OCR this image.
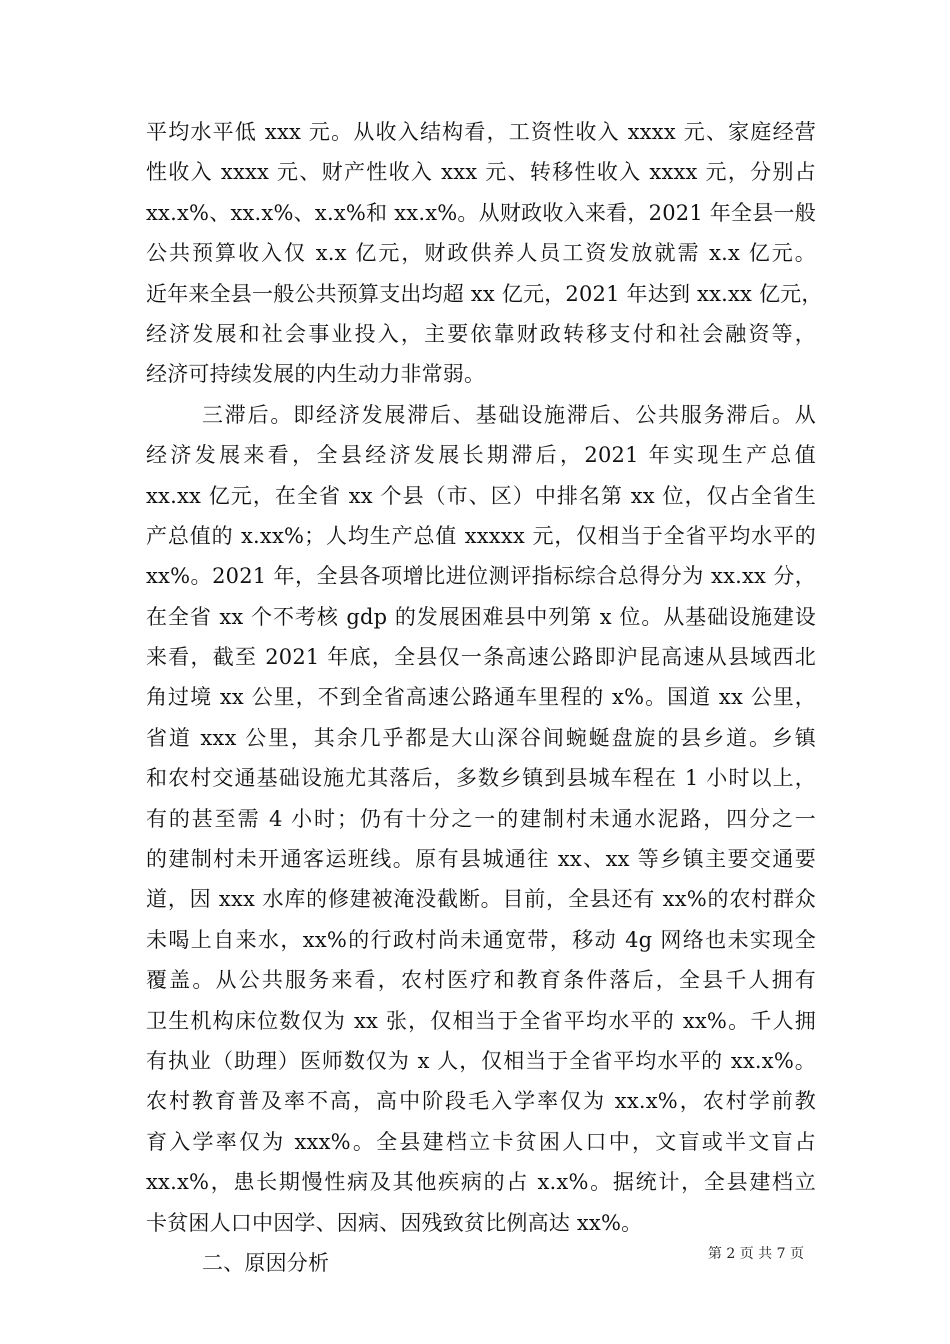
平均水平低 xxx 元。从收入结构看，工资性收入 xxxx 元、家庭经营
性收入 xxxx 元、财产性收入 xxx 元、转移性收入 xxxx 元，分别占
xx.x%、xx.x%、x.x%和 xx.x%。从财政收入来看，2021 年全县一般
公共预算收入仅 x.x 亿元，财政供养人员工资发放就需 x.x 亿元。
近年来全县一般公共预算支出均超 xx 亿元，2021 年达到 xx.xx 亿元，
经济发展和社会事业投入，主要依靠财政转移支付和社会融资等，
经济可持续发展的内生动力非常弱。
三滞后。即经济发展滞后、基础设施滞后、公共服务滞后。从
经济发展来看，全县经济发展长期滞后，2021 年实现生产总值
xx.xx 亿元，在全省 xx 个县（市、区）中排名第 xx 位，仅占全省生
产总值的 x.xx%；人均生产总值 xxxxx 元，仅相当于全省平均水平的
xx%。2021 年，全县各项增比进位测评指标综合总得分为 xx.xx 分，
在全省 xx 个不考核 gdp 的发展困难县中列第 x 位。从基础设施建设
来看，截至 2021 年底，全县仅一条高速公路即沪昆高速从县域西北
角过境 xx 公里，不到全省高速公路通车里程的 x%。国道 xx 公里，
省道 xxx 公里，其余几乎都是大山深谷间蜿蜒盘旋的县乡道。乡镇
和农村交通基础设施尤其落后，多数乡镇到县城车程在 1 小时以上，
有的甚至需 4 小时；仍有十分之一的建制村未通水泥路，四分之一
的建制村未开通客运班线。原有县城通往 xx、xx 等乡镇主要交通要
道，因 xxx 水库的修建被淹没截断。目前，全县还有 xx%的农村群众
未喝上自来水，xx%的行政村尚未通宽带，移动 4g 网络也未实现全
覆盖。从公共服务来看，农村医疗和教育条件落后，全县千人拥有
卫生机构床位数仅为 xx 张，仅相当于全省平均水平的 xx%。千人拥
有执业（助理）医师数仅为 x 人，仅相当于全省平均水平的 xx.x%。
农村教育普及率不高，高中阶段毛入学率仅为 xx.x%，农村学前教
育入学率仅为 xxx%。全县建档立卡贫困人口中，文盲或半文盲占
xx.x%，患长期慢性病及其他疾病的占 x.x%。据统计，全县建档立
卡贫困人口中因学、因病、因残致贫比例高达 xx%。
二、原因分析	第 2 页 共 7 页
